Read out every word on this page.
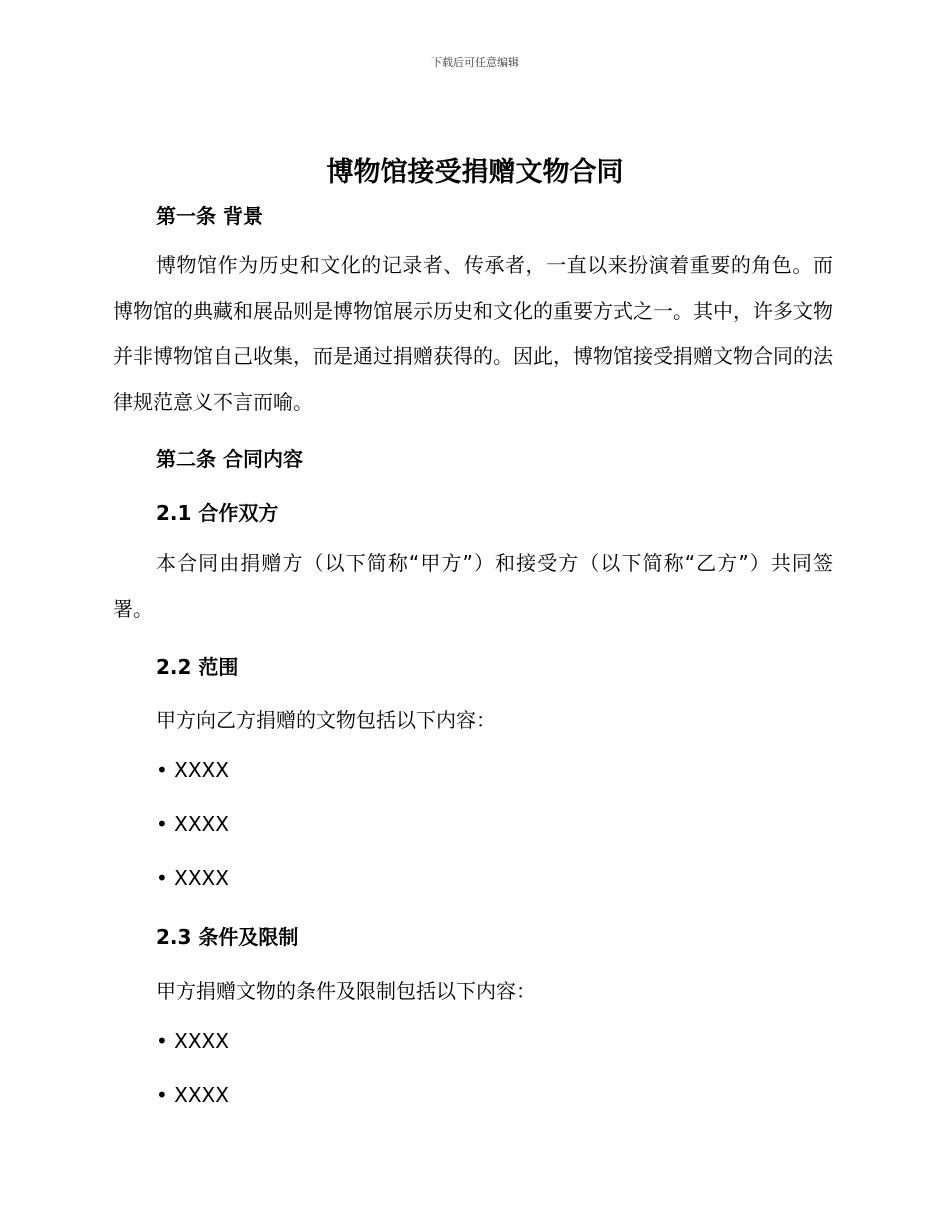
下载后可任意编辑
博物馆接受捐赠文物合同
第一条 背景
博物馆作为历史和文化的记录者、传承者，一直以来扮演着重要的角色。而博物馆的典藏和展品则是博物馆展示历史和文化的重要方式之一。其中，许多文物并非博物馆自己收集，而是通过捐赠获得的。因此，博物馆接受捐赠文物合同的法律规范意义不言而喻。
第二条 合同内容
2.1 合作双方
本合同由捐赠方（以下简称“甲方”）和接受方（以下简称“乙方”）共同签署。
2.2 范围
甲方向乙方捐赠的文物包括以下内容：
• XXXX
• XXXX
• XXXX
2.3 条件及限制
甲方捐赠文物的条件及限制包括以下内容：
• XXXX
• XXXX
